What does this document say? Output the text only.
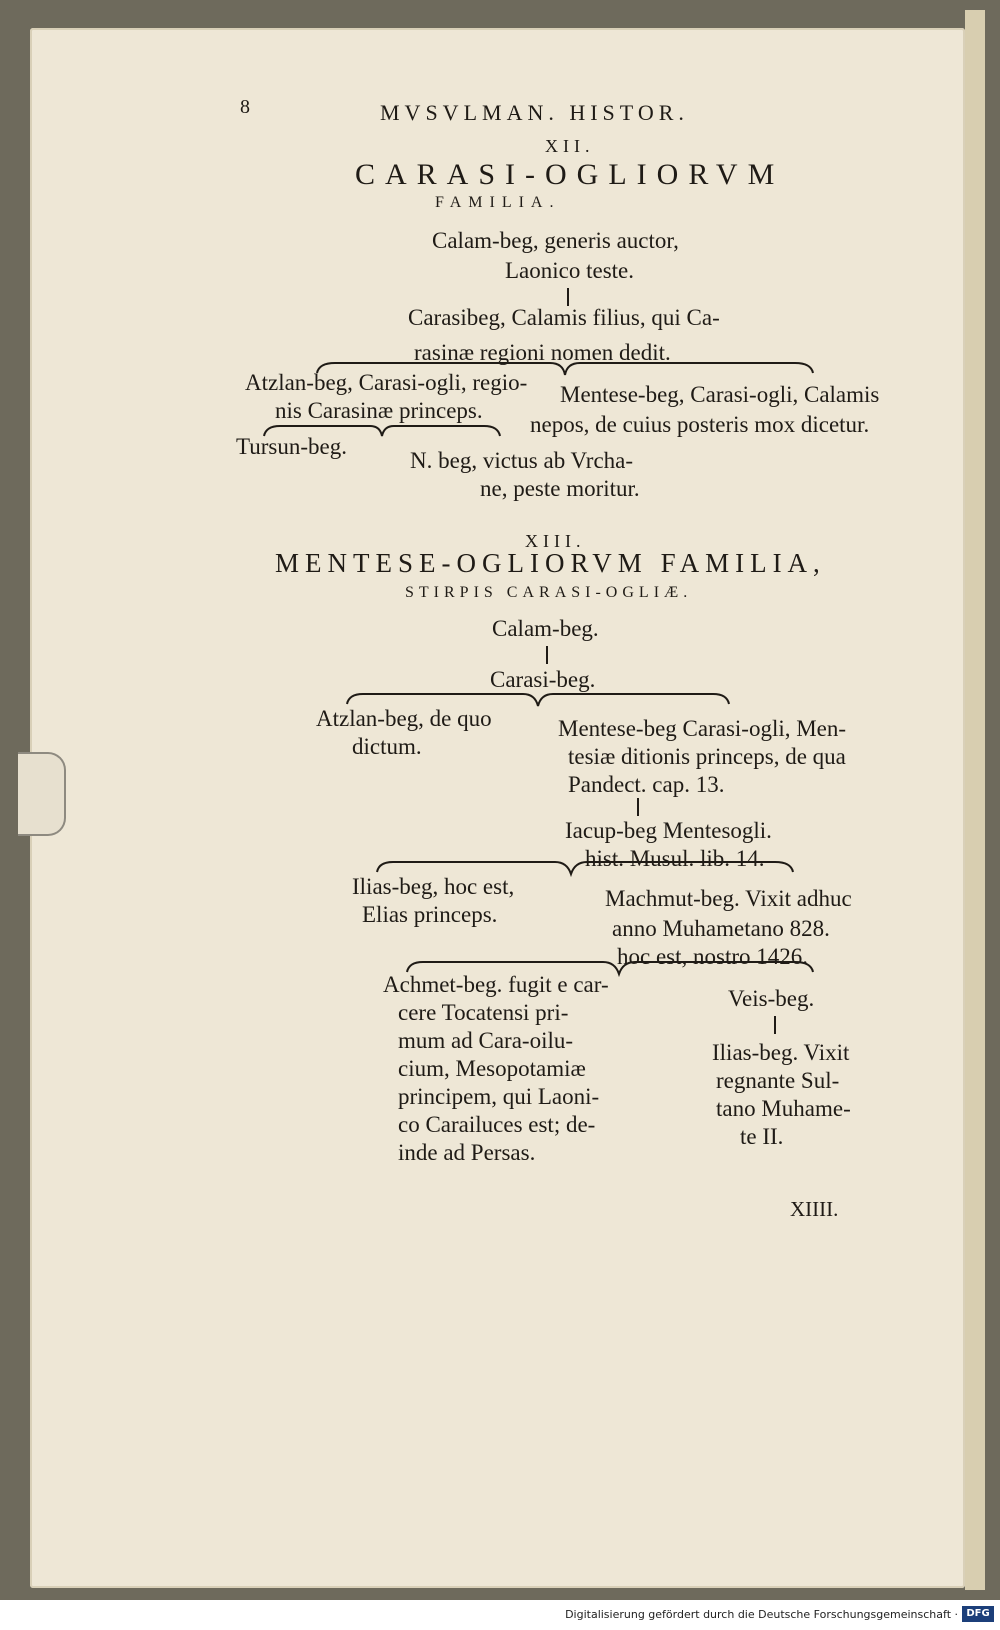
8	MVSVLMAN. HISTOR.
XII.
CARASI-OGLIORVM
FAMILIA.
Calam-beg, generis auctor,
Laonico teste.
Carasibeg, Calamis filius, qui Ca-
rasinæ regioni nomen dedit.
Atzlan-beg, Carasi-ogli, regio-
nis Carasinæ princeps.
Mentese-beg, Carasi-ogli, Calamis
nepos, de cuius posteris mox dicetur.
Tursun-beg.
N. beg, victus ab Vrcha-
ne, peste moritur.
XIII.
MENTESE-OGLIORVM FAMILIA,
STIRPIS CARASI-OGLIÆ.
Calam-beg.
Carasi-beg.
Atzlan-beg, de quo
dictum.
Mentese-beg Carasi-ogli, Men-
tesiæ ditionis princeps, de qua
Pandect. cap. 13.
Iacup-beg Mentesogli.
hist. Musul. lib. 14.
Ilias-beg, hoc est,
Elias princeps.
Machmut-beg. Vixit adhuc
anno Muhametano 828.
hoc est, nostro 1426.
Achmet-beg. fugit e car-
cere Tocatensi pri-
mum ad Cara-oilu-
cium, Mesopotamiæ
principem, qui Laoni-
co Carailuces est; de-
inde ad Persas.
Veis-beg.
Ilias-beg. Vixit
regnante Sul-
tano Muhame-
te II.
XIIII.
Digitalisierung gefördert durch die Deutsche Forschungsgemeinschaft · DFG
